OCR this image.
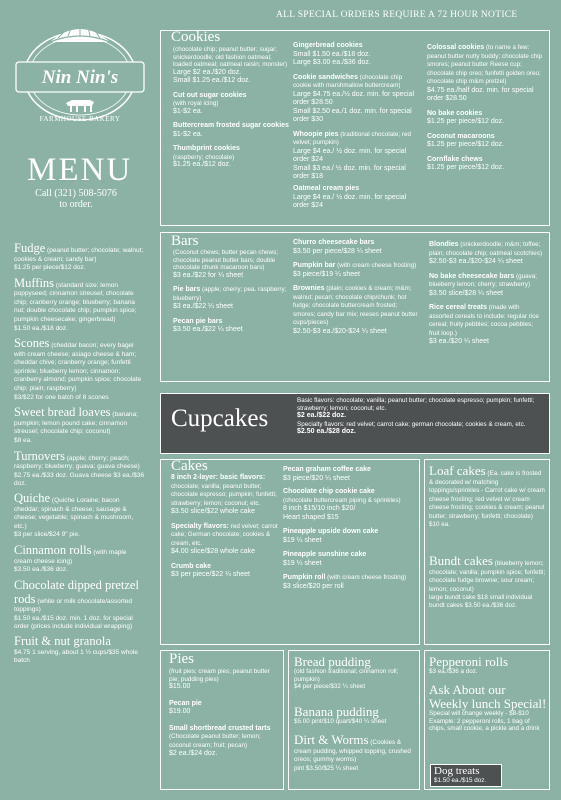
ALL SPECIAL ORDERS REQUIRE A 72 HOUR NOTICE
Nin Nin's
FARMHOUSE BAKERY
MENU
Call (321) 508-5076
to order.
Fudge (peanut butter; chocolate; walnut; cookies & cream; candy bar)
$1.25 per piece/$12 doz.
Muffins (standard size: lemon poppyseed; cinnamon streusel; chocolate chip; cranberry orange; blueberry; banana nut; double chocolate chip; pumpkin spice; pumpkin cheesecake; gingerbread)
$1.50 ea./$18 doz.
Scones (cheddar bacon; every bagel with cream cheese; asiago cheese & ham; cheddar chive; cranberry orange; funfetti sprinkle; blueberry lemon; cinnamon; cranberry almond; pumpkin spice; chocolate chip; plain; raspberry)
$3/$22 for one batch of 8 scones
Sweet bread loaves (banana; pumpkin; lemon pound cake; cinnamon streusel; chocolate chip; coconut)
$8 ea.
Turnovers (apple; cherry; peach; raspberry; blueberry; guava; guava cheese)
$2.75 ea./$33 doz. Guava cheese $3 ea./$36 doz.
Quiche (Quiche Loraine; bacon cheddar; spinach & cheese; sausage & cheese; vegetable; spinach & mushroom, etc.)
$3 per slice/$24 9" pie.
Cinnamon rolls (with maple cream cheese icing)
$3.50 ea./$36 doz.
Chocolate dipped pretzel rods (white or milk chocolate/assorted toppings)
$1.50 ea./$15 doz. min. 1 doz. for special order (prices include individual wrapping)
Fruit & nut granola
$4.75 1 serving, about 1 ½ cups/$35 whole batch
Cookies
(chocolate chip; peanut butter; sugar; snickerdoodle; old fashion oatmeal; loaded oatmeal; oatmeal raisin; monster)
Large $2 ea./$20 doz.
Small $1.25 ea./$12 doz.
Cut out sugar cookies
(with royal icing)
$1-$2 ea.
Buttercream frosted sugar cookies
$1-$2 ea.
Thumbprint cookies
(raspberry; chocolate)
$1.25 ea./$12 doz.
Gingerbread cookies
Small $1.50 ea./$18 doz.
Large $3.00 ea./$36 doz.
Cookie sandwiches (chocolate chip cookie with marshmallow buttercream)
Large $4.75 ea./½ doz. min. for special order $28.50
Small $2.50 ea./1 doz. min. for special order $30
Whoopie pies (traditional chocolate; red velvet; pumpkin)
Large $4 ea./ ½ doz. min. for special order $24
Small $3 ea./ ½ doz. min. for special order $18
Oatmeal cream pies
Large $4 ea./ ½ doz. min. for special order $24
Colossal cookies (to name a few: peanut butter nutty buddy; chocolate chip smores; peanut butter Reese cup; chocolate chip oreo; funfetti golden oreo; chocolate chip m&m pretzel)
$4.75 ea./half doz. min. for special order $28.50
No bake cookies
$1.25 per piece/$12 doz.
Coconut macaroons
$1.25 per piece/$12 doz.
Cornflake chews
$1.25 per piece/$12 doz.
Bars
(Coconut chews; butter pecan chews; chocolate peanut butter bars; double chocolate chunk macaroon bars)
$3 ea./$22 for ¼ sheet
Pie bars (apple; cherry; pea. raspberry; blueberry)
$3 ea./$22 ¼ sheet
Pecan pie bars
$3.50 ea./$22 ¼ sheet
Churro cheesecake bars
$3.50 per piece/$28 ¼ sheet
Pumpkin bar (with cream cheese frosting)
$3 piece/$19 ¼ sheet
Brownies (plain; cookies & cream; m&m; walnut; pecan; chocolate chip/chunk; hot fudge; chocolate buttercream frosted; smores; candy bar mix; reeses peanut butter cups/pieces)
$2.50-$3 ea./$20-$24 ¼ sheet
Blondies (snickerdoodle; m&m; toffee; plain; chocolate chip; oatmeal scotchies)
$2.50-$3 ea./$20-$24 ¼ sheet
No bake cheesecake bars (guava; blueberry lemon; cherry; strawberry)
$3.50 slice/$28 ¼ sheet
Rice cereal treats (made with assorted cereals to include: regular rice cereal; fruity pebbles; cocoa pebbles; fruit loop.)
$3 ea./$20 ¼ sheet
Cupcakes
Basic flavors: chocolate; vanilla; peanut butter; chocolate espresso; pumpkin; funfetti; strawberry; lemon; coconut; etc.
$2 ea./$22 doz.
Specialty flavors: red velvet; carrot cake; german chocolate; cookies & cream, etc.
$2.50 ea./$28 doz.
Cakes
8 inch 2-layer: basic flavors: chocolate; vanilla; peanut butter; chocolate espresso; pumpkin; funfetti; strawberry; lemon; coconut; etc.
$3.50 slice/$22 whole cake
Specialty flavors: red velvet; carrot cake; German chocolate; cookies & cream, etc.
$4.00 slice/$28 whole cake
Crumb cake
$3 per piece/$22 ¼ sheet
Pecan graham coffee cake
$3 piece/$20 ¼ sheet
Chocolate chip cookie cake
(chocolate buttercream piping & sprinkles)
8 inch $15/10 inch $20/
Heart shaped $15
Pineapple upside down cake
$19 ¼ sheet
Pineapple sunshine cake
$19 ¼ sheet
Pumpkin roll (with cream cheese frosting)
$3 slice/$20 per roll
Loaf cakes (Ea. cake is frosted & decorated w/ matching toppings/sprinkles - Carrot cake w/ cream cheese frosting; red velvet w/ cream cheese frosting; cookies & cream; peanut butter; strawberry; funfetti; chocolate)
$10 ea.
Bundt cakes (blueberry lemon; chocolate; vanilla; pumpkin spice; funfetti; chocolate fudge brownie; sour cream; lemon; coconut)
large bundt cake $18 small individual bundt cakes $3.50 ea./$36 doz.
Pies
(fruit pies; cream pies; peanut butter pie; pudding pies)
$15.00
Pecan pie
$19.00
Small shortbread crusted tarts (Chocolate peanut butter; lemon; coconut cream; fruit; pecan)
$2 ea./$24 doz.
Bread pudding
(old fashion traditional; cinnamon roll; pumpkin)
$4 per piece/$32 ¼ sheet
Banana pudding
$5.00 pint/$10 quart/$40 ¼ sheet
Dirt & Worms (Cookies & cream pudding, whipped topping, crushed oreos; gummy worms)
pint $3.50/$25 ¼ sheet
Pepperoni rolls
$3 ea./$36 a doz.
Ask About our Weekly lunch Special!
Special will change weekly - $8-$10
Example: 2 pepperoni rolls, 1 bag of chips, small cookie, a pickle and a drink
Dog treats
$1.50 ea./$15 doz.
